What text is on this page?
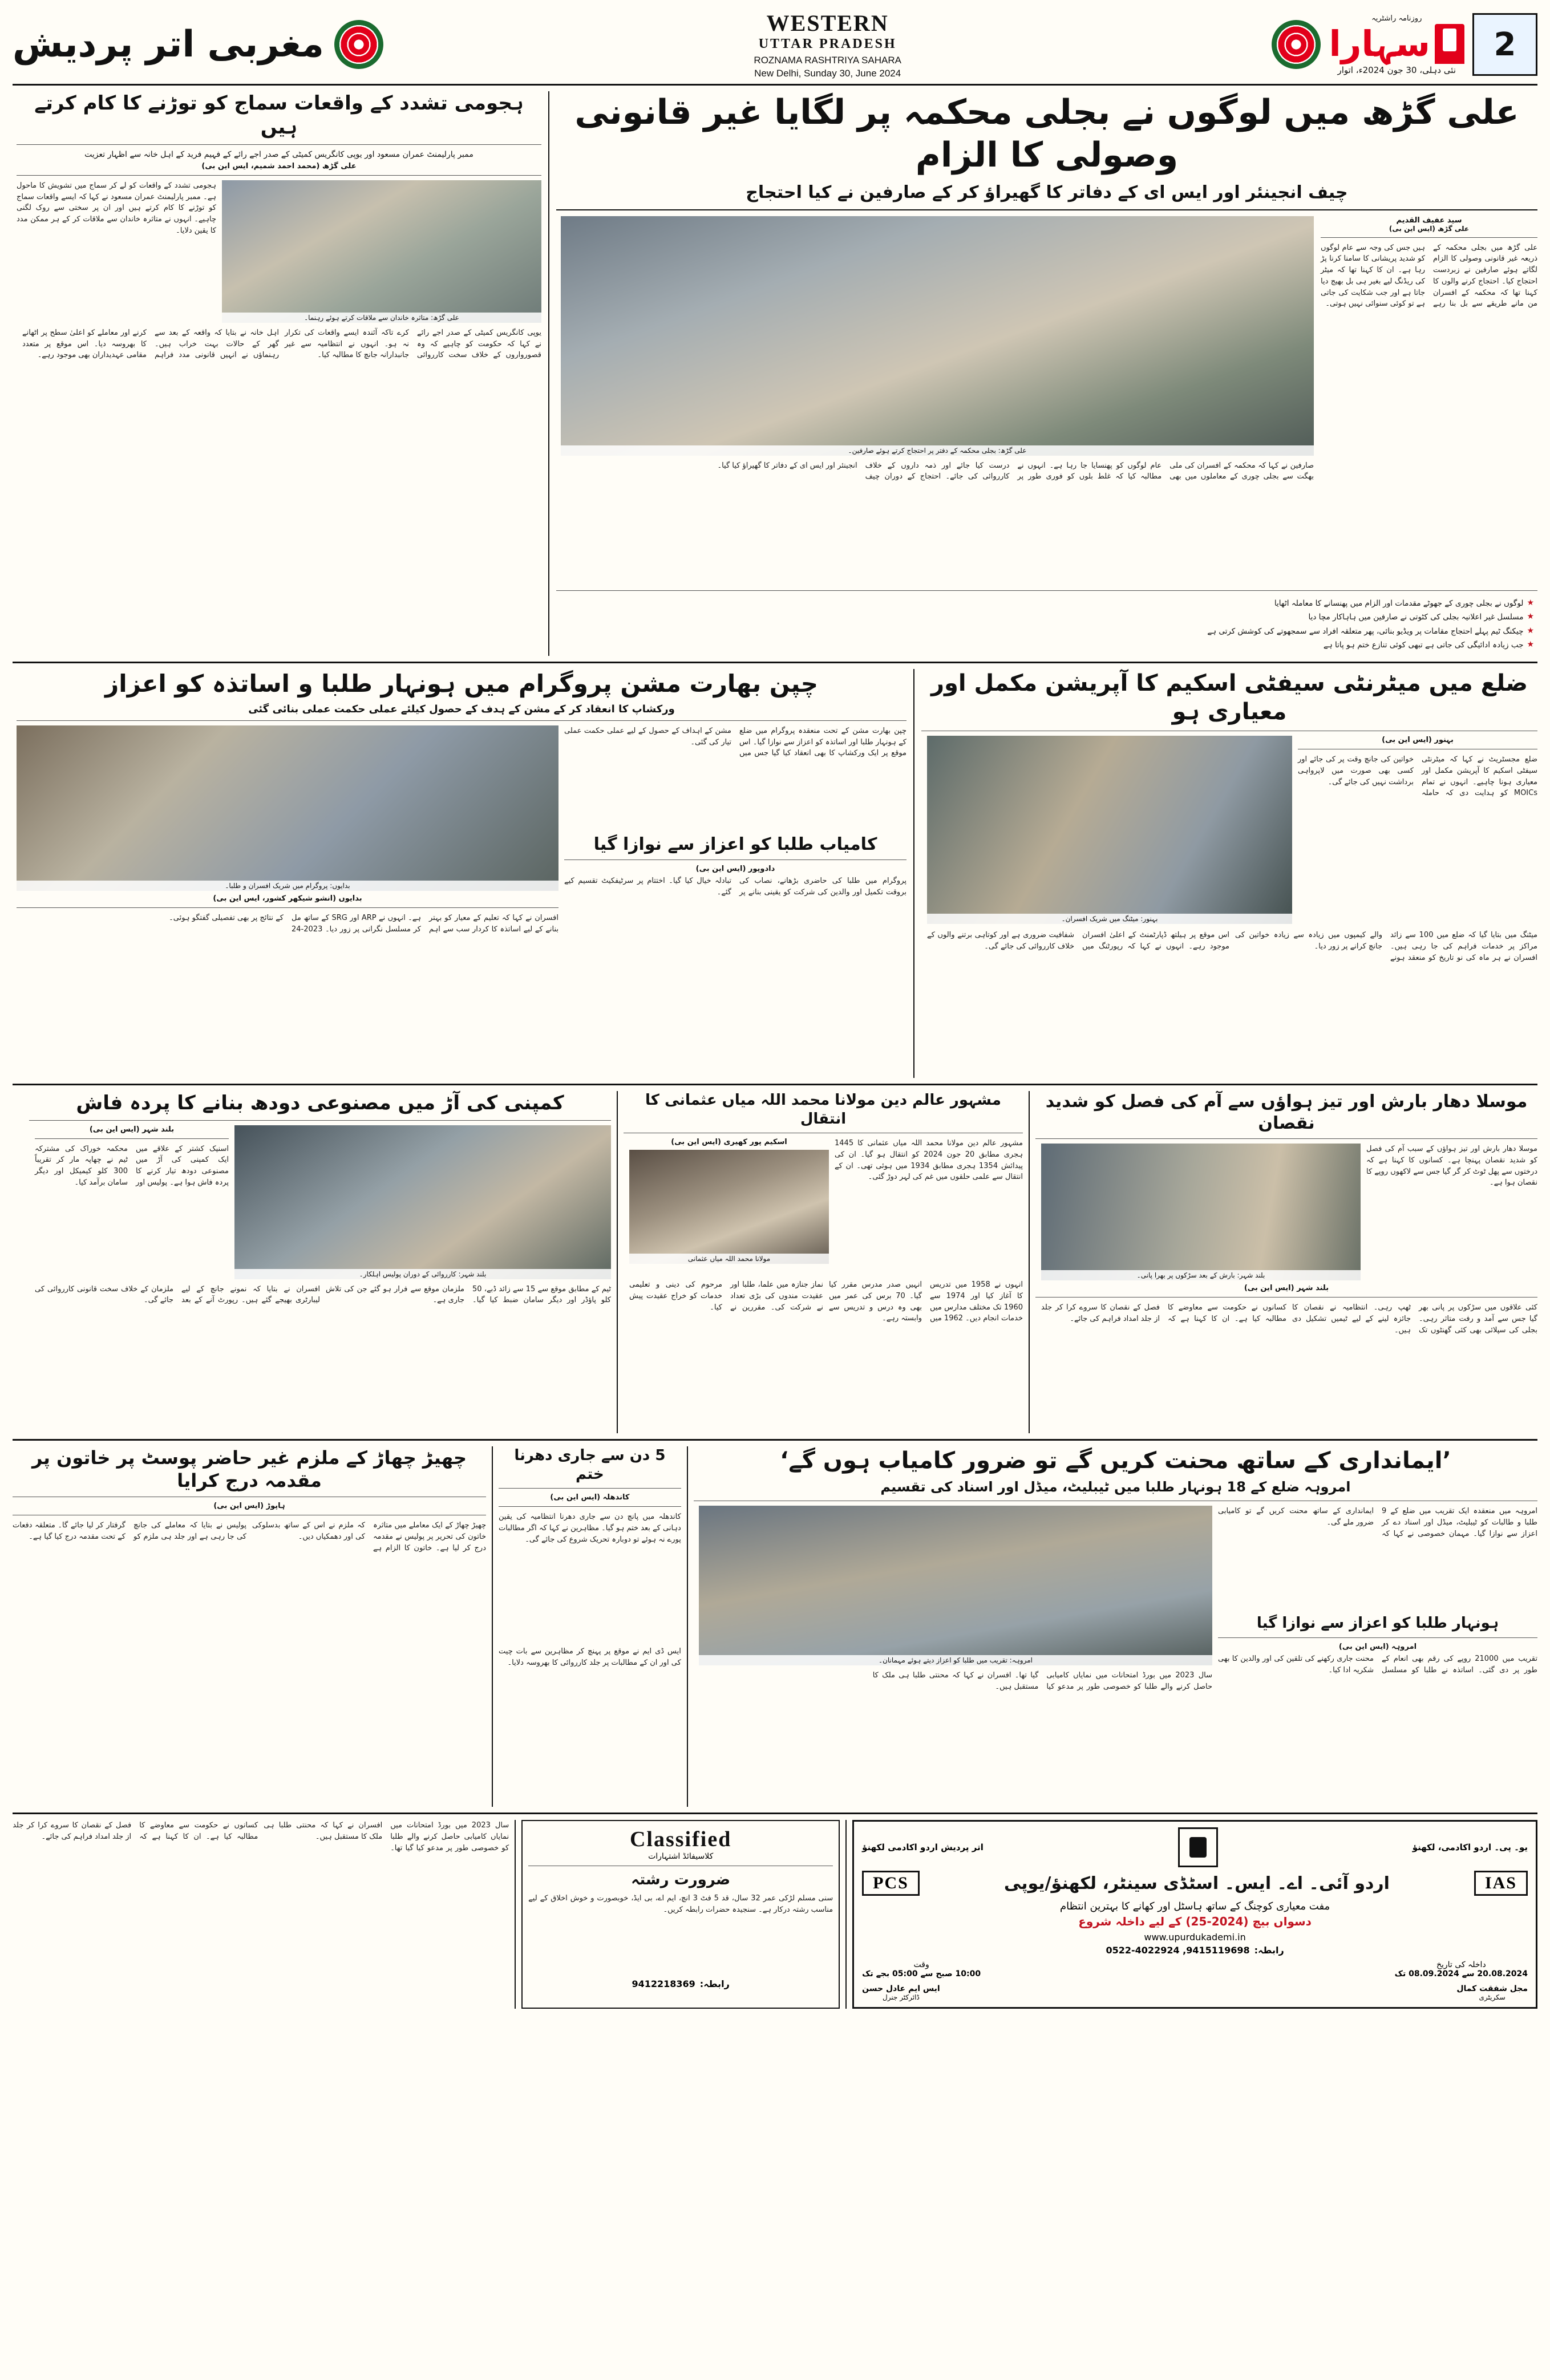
2
روزنامہ راشٹریہ
سہارا
نئی دہلی، 30 جون 2024ء، اتوار
WESTERN
UTTAR PRADESH
ROZNAMA RASHTRIYA SAHARA
New Delhi, Sunday 30, June 2024
مغربی اتر پردیش
علی گڑھ میں لوگوں نے بجلی محکمہ پر لگایا غیر قانونی وصولی کا الزام
چیف انجینئر اور ایس ای کے دفاتر کا گھیراؤ کر کے صارفین نے کیا احتجاج
سید عفیف القدیم
علی گڑھ (ایس این بی)
علی گڑھ میں بجلی محکمہ کے ذریعہ غیر قانونی وصولی کا الزام لگاتے ہوئے صارفین نے زبردست احتجاج کیا۔ احتجاج کرنے والوں کا کہنا تھا کہ محکمہ کے افسران من مانے طریقے سے بل بنا رہے ہیں جس کی وجہ سے عام لوگوں کو شدید پریشانی کا سامنا کرنا پڑ رہا ہے۔ ان کا کہنا تھا کہ میٹر کی ریڈنگ لیے بغیر ہی بل بھیج دیا جاتا ہے اور جب شکایت کی جاتی ہے تو کوئی سنوائی نہیں ہوتی۔
علی گڑھ: بجلی محکمہ کے دفتر پر احتجاج کرتے ہوئے صارفین۔
صارفین نے کہا کہ محکمہ کے افسران کی ملی بھگت سے بجلی چوری کے معاملوں میں بھی عام لوگوں کو پھنسایا جا رہا ہے۔ انہوں نے مطالبہ کیا کہ غلط بلوں کو فوری طور پر درست کیا جائے اور ذمہ داروں کے خلاف کارروائی کی جائے۔ احتجاج کے دوران چیف انجینئر اور ایس ای کے دفاتر کا گھیراؤ کیا گیا۔
★
لوگوں نے بجلی چوری کے جھوٹے مقدمات اور الزام میں پھنسانے کا معاملہ اٹھایا
★
مسلسل غیر اعلانیہ بجلی کی کٹوتی نے صارفین میں ہاہاکار مچا دیا
★
چیکنگ ٹیم پہلے احتجاج مقامات پر ویڈیو بنائی، پھر متعلقہ افراد سے سمجھوتے کی کوشش کرتی ہے
★
جب زیادہ ادائیگی کی جاتی ہے تبھی کوئی تنازع ختم ہو پاتا ہے
ہجومی تشدد کے واقعات سماج کو توڑنے کا کام کرتے ہیں
ممبر پارلیمنٹ عمران مسعود اور یوپی کانگریس کمیٹی کے صدر اجے رائے کے فہیم فرید کے اہل خانہ سے اظہار تعزیت
علی گڑھ (محمد احمد شمیم، ایس این بی)
علی گڑھ: متاثرہ خاندان سے ملاقات کرتے ہوئے رہنما۔
ہجومی تشدد کے واقعات کو لے کر سماج میں تشویش کا ماحول ہے۔ ممبر پارلیمنٹ عمران مسعود نے کہا کہ ایسے واقعات سماج کو توڑنے کا کام کرتے ہیں اور ان پر سختی سے روک لگنی چاہیے۔ انہوں نے متاثرہ خاندان سے ملاقات کر کے ہر ممکن مدد کا یقین دلایا۔
یوپی کانگریس کمیٹی کے صدر اجے رائے نے کہا کہ حکومت کو چاہیے کہ وہ قصورواروں کے خلاف سخت کارروائی کرے تاکہ آئندہ ایسے واقعات کی تکرار نہ ہو۔ انہوں نے انتظامیہ سے غیر جانبدارانہ جانچ کا مطالبہ کیا۔
اہل خانہ نے بتایا کہ واقعہ کے بعد سے گھر کے حالات بہت خراب ہیں۔ رہنماؤں نے انہیں قانونی مدد فراہم کرنے اور معاملے کو اعلیٰ سطح پر اٹھانے کا بھروسہ دیا۔ اس موقع پر متعدد مقامی عہدیداران بھی موجود رہے۔
ضلع میں میٹرنٹی سیفٹی اسکیم کا آپریشن مکمل اور معیاری ہو
بہنور (ایس این بی)
ضلع مجسٹریٹ نے کہا کہ میٹرنٹی سیفٹی اسکیم کا آپریشن مکمل اور معیاری ہونا چاہیے۔ انہوں نے تمام MOICs کو ہدایت دی کہ حاملہ خواتین کی جانچ وقت پر کی جائے اور کسی بھی صورت میں لاپرواہی برداشت نہیں کی جائے گی۔
بہنور: میٹنگ میں شریک افسران۔
میٹنگ میں بتایا گیا کہ ضلع میں 100 سے زائد مراکز پر خدمات فراہم کی جا رہی ہیں۔ افسران نے ہر ماہ کی نو تاریخ کو منعقد ہونے والے کیمپوں میں زیادہ سے زیادہ خواتین کی جانچ کرانے پر زور دیا۔
اس موقع پر ہیلتھ ڈپارٹمنٹ کے اعلیٰ افسران موجود رہے۔ انہوں نے کہا کہ رپورٹنگ میں شفافیت ضروری ہے اور کوتاہی برتنے والوں کے خلاف کارروائی کی جائے گی۔
چپن بھارت مشن پروگرام میں ہونہار طلبا و اساتذہ کو اعزاز
ورکشاپ کا انعقاد کر کے مشن کے ہدف کے حصول کیلئے عملی حکمت عملی بنائی گئی
چپن بھارت مشن کے تحت منعقدہ پروگرام میں ضلع کے ہونہار طلبا اور اساتذہ کو اعزاز سے نوازا گیا۔ اس موقع پر ایک ورکشاپ کا بھی انعقاد کیا گیا جس میں مشن کے اہداف کے حصول کے لیے عملی حکمت عملی تیار کی گئی۔
کامیاب طلبا کو اعزاز سے نوازا گیا
دادوپور (ایس این بی)
پروگرام میں طلبا کی حاضری بڑھانے، نصاب کی بروقت تکمیل اور والدین کی شرکت کو یقینی بنانے پر تبادلہ خیال کیا گیا۔ اختتام پر سرٹیفکیٹ تقسیم کیے گئے۔
بدایوں: پروگرام میں شریک افسران و طلبا۔
بدایوں (انشو شیکھر کشور، ایس این بی)
افسران نے کہا کہ تعلیم کے معیار کو بہتر بنانے کے لیے اساتذہ کا کردار سب سے اہم ہے۔ انہوں نے ARP اور SRG کے ساتھ مل کر مسلسل نگرانی پر زور دیا۔ 2023-24 کے نتائج پر بھی تفصیلی گفتگو ہوئی۔
موسلا دھار بارش اور تیز ہواؤں سے آم کی فصل کو شدید نقصان
موسلا دھار بارش اور تیز ہواؤں کے سبب آم کی فصل کو شدید نقصان پہنچا ہے۔ کسانوں کا کہنا ہے کہ درختوں سے پھل ٹوٹ کر گر گیا جس سے لاکھوں روپے کا نقصان ہوا ہے۔
بلند شہر: بارش کے بعد سڑکوں پر بھرا پانی۔
بلند شہر (ایس این بی)
کئی علاقوں میں سڑکوں پر پانی بھر گیا جس سے آمد و رفت متاثر رہی۔ بجلی کی سپلائی بھی کئی گھنٹوں تک ٹھپ رہی۔ انتظامیہ نے نقصان کا جائزہ لینے کے لیے ٹیمیں تشکیل دی ہیں۔
کسانوں نے حکومت سے معاوضے کا مطالبہ کیا ہے۔ ان کا کہنا ہے کہ فصل کے نقصان کا سروے کرا کر جلد از جلد امداد فراہم کی جائے۔
مشہور عالم دین مولانا محمد اللہ میاں عثمانی کا انتقال
مشہور عالم دین مولانا محمد اللہ میاں عثمانی کا 1445 ہجری مطابق 20 جون 2024 کو انتقال ہو گیا۔ ان کی پیدائش 1354 ہجری مطابق 1934 میں ہوئی تھی۔ ان کے انتقال سے علمی حلقوں میں غم کی لہر دوڑ گئی۔
اسکیم پور کھیری (ایس این بی)
مولانا محمد اللہ میاں عثمانی
انہوں نے 1958 میں تدریس کا آغاز کیا اور 1974 سے 1960 تک مختلف مدارس میں خدمات انجام دیں۔ 1962 میں انہیں صدر مدرس مقرر کیا گیا۔ 70 برس کی عمر میں بھی وہ درس و تدریس سے وابستہ رہے۔
نماز جنازہ میں علما، طلبا اور عقیدت مندوں کی بڑی تعداد نے شرکت کی۔ مقررین نے مرحوم کی دینی و تعلیمی خدمات کو خراج عقیدت پیش کیا۔
کمپنی کی آڑ میں مصنوعی دودھ بنانے کا پردہ فاش
بلند شہر: کارروائی کے دوران پولیس اہلکار۔
بلند شہر (ایس این بی)
اسنیک کشتر کے علاقے میں ایک کمپنی کی آڑ میں مصنوعی دودھ تیار کرنے کا پردہ فاش ہوا ہے۔ پولیس اور محکمہ خوراک کی مشترکہ ٹیم نے چھاپہ مار کر تقریباً 300 کلو کیمیکل اور دیگر سامان برآمد کیا۔
ٹیم کے مطابق موقع سے 15 سے زائد ڈبے، 50 کلو پاؤڈر اور دیگر سامان ضبط کیا گیا۔ ملزمان موقع سے فرار ہو گئے جن کی تلاش جاری ہے۔
افسران نے بتایا کہ نمونے جانچ کے لیے لیبارٹری بھیجے گئے ہیں۔ رپورٹ آنے کے بعد ملزمان کے خلاف سخت قانونی کارروائی کی جائے گی۔
’ایمانداری کے ساتھ محنت کریں گے تو ضرور کامیاب ہوں گے‘
امروہہ ضلع کے 18 ہونہار طلبا میں ٹیبلیٹ، میڈل اور اسناد کی تقسیم
امروہہ میں منعقدہ ایک تقریب میں ضلع کے 9 طلبا و طالبات کو ٹیبلیٹ، میڈل اور اسناد دے کر اعزاز سے نوازا گیا۔ مہمان خصوصی نے کہا کہ ایمانداری کے ساتھ محنت کریں گے تو کامیابی ضرور ملے گی۔
ہونہار طلبا کو اعزاز سے نوازا گیا
امروہہ (ایس این بی)
تقریب میں 21000 روپے کی رقم بھی انعام کے طور پر دی گئی۔ اساتذہ نے طلبا کو مسلسل محنت جاری رکھنے کی تلقین کی اور والدین کا بھی شکریہ ادا کیا۔
امروہہ: تقریب میں طلبا کو اعزاز دیتے ہوئے مہمانان۔
سال 2023 میں بورڈ امتحانات میں نمایاں کامیابی حاصل کرنے والے طلبا کو خصوصی طور پر مدعو کیا گیا تھا۔ افسران نے کہا کہ محنتی طلبا ہی ملک کا مستقبل ہیں۔
5 دن سے جاری دھرنا ختم
کاندھلہ (ایس این بی)
کاندھلہ میں پانچ دن سے جاری دھرنا انتظامیہ کی یقین دہانی کے بعد ختم ہو گیا۔ مظاہرین نے کہا کہ اگر مطالبات پورے نہ ہوئے تو دوبارہ تحریک شروع کی جائے گی۔
ایس ڈی ایم نے موقع پر پہنچ کر مظاہرین سے بات چیت کی اور ان کے مطالبات پر جلد کارروائی کا بھروسہ دلایا۔
چھیڑ چھاڑ کے ملزم غیر حاضر پوسٹ پر خاتون پر مقدمہ درج کرایا
ہاپوڑ (ایس این بی)
چھیڑ چھاڑ کے ایک معاملے میں متاثرہ خاتون کی تحریر پر پولیس نے مقدمہ درج کر لیا ہے۔ خاتون کا الزام ہے کہ ملزم نے اس کے ساتھ بدسلوکی کی اور دھمکیاں دیں۔
پولیس نے بتایا کہ معاملے کی جانچ کی جا رہی ہے اور جلد ہی ملزم کو گرفتار کر لیا جائے گا۔ متعلقہ دفعات کے تحت مقدمہ درج کیا گیا ہے۔
یو۔ پی۔ اردو اکادمی، لکھنؤ
اتر پردیش اردو اکادمی لکھنؤ
IAS
اردو آئی۔ اے۔ ایس۔ اسٹڈی سینٹر، لکھنؤ/یوپی
PCS
مفت معیاری کوچنگ کے ساتھ ہاسٹل اور کھانے کا بہترین انتظام
دسواں بیچ (2024-25) کے لیے داخلہ شروع
www.upurdukademi.in
رابطہ:
9415119698, 0522-4022924
داخلہ کی تاریخ
20.08.2024 سے 08.09.2024 تک
وقت
10:00 صبح سے 05:00 بجے تک
مجل شفقت کمال
سکریٹری
ایس ایم عادل حسن
ڈائرکٹر جنرل
Classified
کلاسیفائڈ اشتہارات
ضرورت رشتہ
سنی مسلم لڑکی عمر 32 سال، قد 5 فٹ 3 انچ، ایم اے، بی ایڈ، خوبصورت و خوش اخلاق کے لیے مناسب رشتہ درکار ہے۔ سنجیدہ حضرات رابطہ کریں۔
رابطہ:
9412218369
سال 2023 میں بورڈ امتحانات میں نمایاں کامیابی حاصل کرنے والے طلبا کو خصوصی طور پر مدعو کیا گیا تھا۔ افسران نے کہا کہ محنتی طلبا ہی ملک کا مستقبل ہیں۔
کسانوں نے حکومت سے معاوضے کا مطالبہ کیا ہے۔ ان کا کہنا ہے کہ فصل کے نقصان کا سروے کرا کر جلد از جلد امداد فراہم کی جائے۔
